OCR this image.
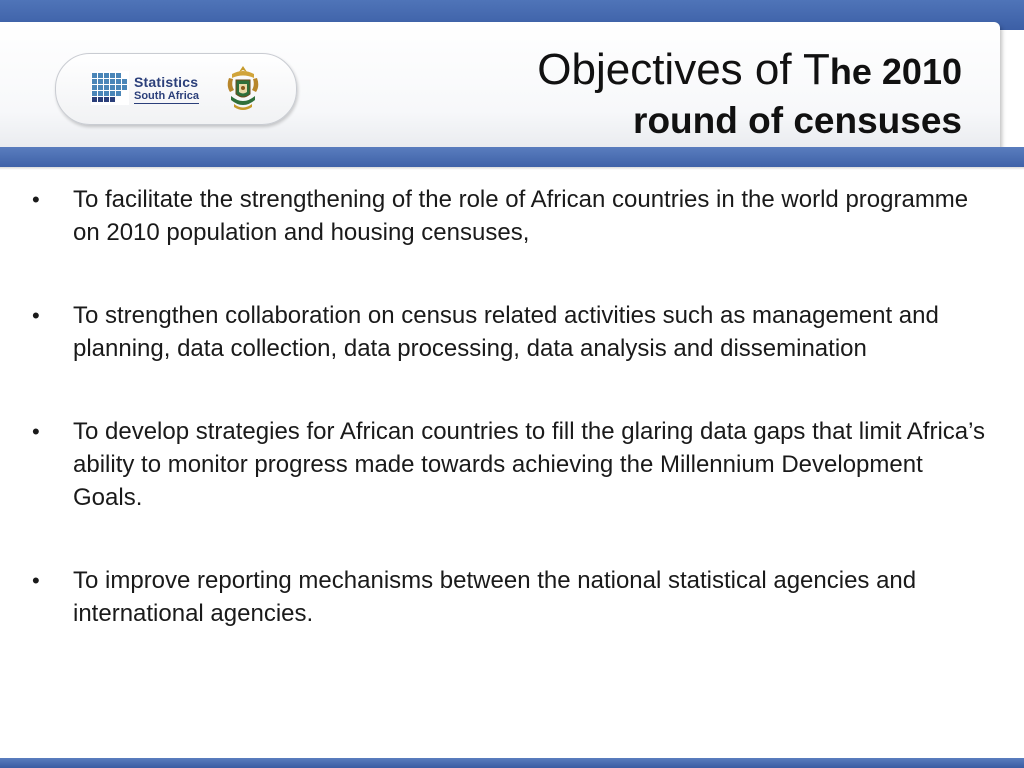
Statistics
South Africa
Objectives of The 2010
round of censuses
• To facilitate the strengthening of the role of African countries in the world programme on 2010 population and housing censuses,
• To strengthen collaboration on census related activities such as management and planning, data collection, data processing, data analysis and dissemination
• To develop strategies for African countries to fill the glaring data gaps that limit Africa’s ability to monitor progress made towards achieving the Millennium Development Goals.
• To improve reporting mechanisms between the national statistical agencies and international agencies.
